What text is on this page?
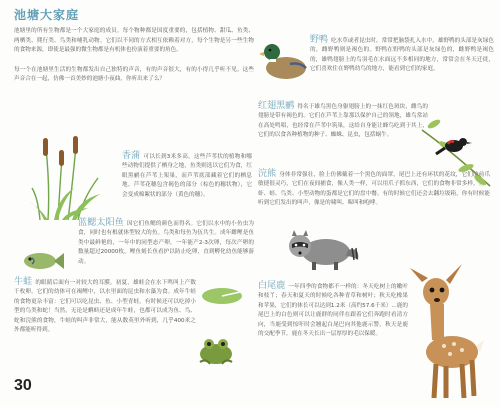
池塘大家庭

池塘里的所有生物都是一个大家庭的成员。每个物种都是国度重要的，包括植物、甜瓜、鱼类、两栖类、爬行类、鸟类和哺乳动物。它们以不同的方式相互依赖着对方，每个生物是另一些生物的食物来源，即使是最强的微生物都是有机体也扮演着重要的角色。

每一个在池塘里生活的生物都发出自己独特的声音，有的声音很大，有的小得几乎听不见。这些声音合在一起，仿佛一首美妙的池塘小夜曲，你听出来了么？

香蒲 可以长到3米多高，这些芦苇状的植物和哪些动物们提供了栖身之地，鱼类则选以它们为食，红眼黑鹂在芦苇上架巢，而芦苇底部藏着它们的栖息地。芦苇花穗包含褐色的部分（棕色的穗状物），它会变成棉絮状的部分（黄色的穗）。

蓝鳃太阳鱼 因它们鱼鳃的颜色而得名。它们以水中的小鱼虫为食，同时也有根就体型较大的鱼。鸟类和每鱼为伍共生。成年雌鲤是鱼类中最鲜艳的，一年中的同型态产卵，一年能产2-3次卵，每次产卵的数量超过20000枚，鲤鱼刻长鱼看护以防止吃卵，直到孵化幼鱼能够游动。

牛蛙 的眼睛后面有一对较大的耳膜。初夏，雄蛙会在水下鸣叫上产数千枚卵。它们的幼体可在褐鲤中，以水里面的昆虫和水藻为食。成年牛蛙的食物更杂丰富：它们可以吃昆虫、鱼、小型青蛙，有时候还可以吃掉小型的鸟类和蛇！当然，无论是蝌蚪还是成年牛蛙，也都可以成为鱼、鸟、蛇和浣熊的食物，牛蛙的叫声非常大，能从数英里外听到，几乎400米之外都能听得到。

野鸭 吃水草或者昆虫时，常常把脑袋扎入水中，雄野鸭的头部是灰绿色的，雌野鸭则是褐色的。野鸭在野鸭的头部是灰绿色的，雌野鸭是褐色的，雄鸭翅膀上的鸟羽毛在水面远不多相同的地方，常常会在冬天迁徙，它们喜欢住在野鸭幼鸟的地方，能看到它们的家庭。

红翅黑鹂 得名于雄鸟黑色身躯翅膀上的一抹红色斑块，雌鸟的翅膀是带有褐色的。它们在芦苇上靠那以保护自己的领地，雄鸟常站在高处鸣唱，也经常在芦苇中筑巢，这给自身能让蜂鸟吃到于其上，它们的以食各种植物的种子、蜘蛛、昆虫，包括蜗牛。

浣熊 身体非常强壮，脸上仿佛戴着一个黑色的面罩，尾巴上还有环状的花纹，它们的前爪敏捷很灵巧，它们在夜间捕食，像人类一样，可以用爪子抓东西，它们的食物非常多样，鱼、虾、蛙、鸟类、小型动物的蛋都是它们的盘中餐。有的时候它们还会去翻垃圾箱，你有时候能听到它们发出的叫声，像是的啸叫、嗥叫和咆哮。

白尾鹿 一年四季的食物都不一样的：冬天吃树上的嫩叶和枝丫；春天和夏天的时候吃各种青草和树叶；秋天吃橡果和苹果，它们的体长可以达到1.2米（高约57.6千米）...鹿的尾巴上的白色则可以让鹿群的同伴在跟着它们奔跑时看清方向，当鹿受到惊吓时会翘起白尾巴向其他鹿示警，秋天是鹿的交配季节，鹿在冬天长出一层厚厚的毛以保暖。

30
